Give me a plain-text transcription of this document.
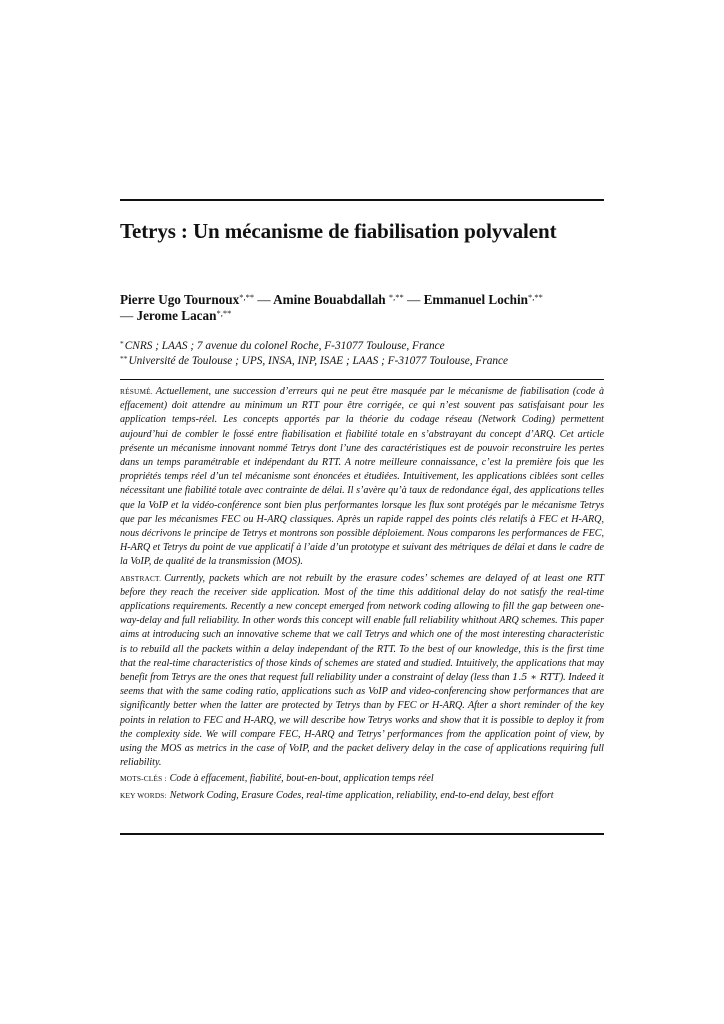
Tetrys : Un mécanisme de fiabilisation polyvalent
Pierre Ugo Tournoux*,** — Amine Bouabdallah *,** — Emmanuel Lochin*,**
— Jerome Lacan*,**
*CNRS ; LAAS ; 7 avenue du colonel Roche, F-31077 Toulouse, France
**Université de Toulouse ; UPS, INSA, INP, ISAE ; LAAS ; F-31077 Toulouse, France

RÉSUMÉ. Actuellement, une succession d’erreurs qui ne peut être masquée par le mécanisme de fiabilisation (code à effacement) doit attendre au minimum un RTT pour être corrigée, ce qui n’est souvent pas satisfaisant pour les application temps-réel. Les concepts apportés par la théorie du codage réseau (Network Coding) permettent aujourd’hui de combler le fossé entre fiabilisation et fiabilité totale en s’abstrayant du concept d’ARQ. Cet article présente un mécanisme innovant nommé Tetrys dont l’une des caractéristiques est de pouvoir reconstruire les pertes dans un temps paramétrable et indépendant du RTT. A notre meilleure connaissance, c’est la première fois que les propriétés temps réel d’un tel mécanisme sont énoncées et étudiées. Intuitivement, les applications ciblées sont celles nécessitant une fiabilité totale avec contrainte de délai. Il s’avère qu’à taux de redondance égal, des applications telles que la VoIP et la vidéo-conférence sont bien plus performantes lorsque les flux sont protégés par le mécanisme Tetrys que par les mécanismes FEC ou H-ARQ classiques. Après un rapide rappel des points clés relatifs à FEC et H-ARQ, nous décrivons le principe de Tetrys et montrons son possible déploiement. Nous comparons les performances de FEC, H-ARQ et Tetrys du point de vue applicatif à l’aide d’un prototype et suivant des métriques de délai et dans le cadre de la VoIP, de qualité de la transmission (MOS).

ABSTRACT. Currently, packets which are not rebuilt by the erasure codes’ schemes are delayed of at least one RTT before they reach the receiver side application. Most of the time this additional delay do not satisfy the real-time applications requirements. Recently a new concept emerged from network coding allowing to fill the gap between one-way-delay and full reliability. In other words this concept will enable full reliability whithout ARQ schemes. This paper aims at introducing such an innovative scheme that we call Tetrys and which one of the most interesting characteristic is to rebuild all the packets within a delay independant of the RTT. To the best of our knowledge, this is the first time that the real-time characteristics of those kinds of schemes are stated and studied. Intuitively, the applications that may benefit from Tetrys are the ones that request full reliability under a constraint of delay (less than 1.5 ∗ RTT). Indeed it seems that with the same coding ratio, applications such as VoIP and video-conferencing show performances that are significantly better when the latter are protected by Tetrys than by FEC or H-ARQ. After a short reminder of the key points in relation to FEC and H-ARQ, we will describe how Tetrys works and show that it is possible to deploy it from the complexity side. We will compare FEC, H-ARQ and Tetrys’ performances from the application point of view, by using the MOS as metrics in the case of VoIP, and the packet delivery delay in the case of applications requiring full reliability.

MOTS-CLÉS : Code à effacement, fiabilité, bout-en-bout, application temps réel

KEY WORDS: Network Coding, Erasure Codes, real-time application, reliability, end-to-end delay, best effort
